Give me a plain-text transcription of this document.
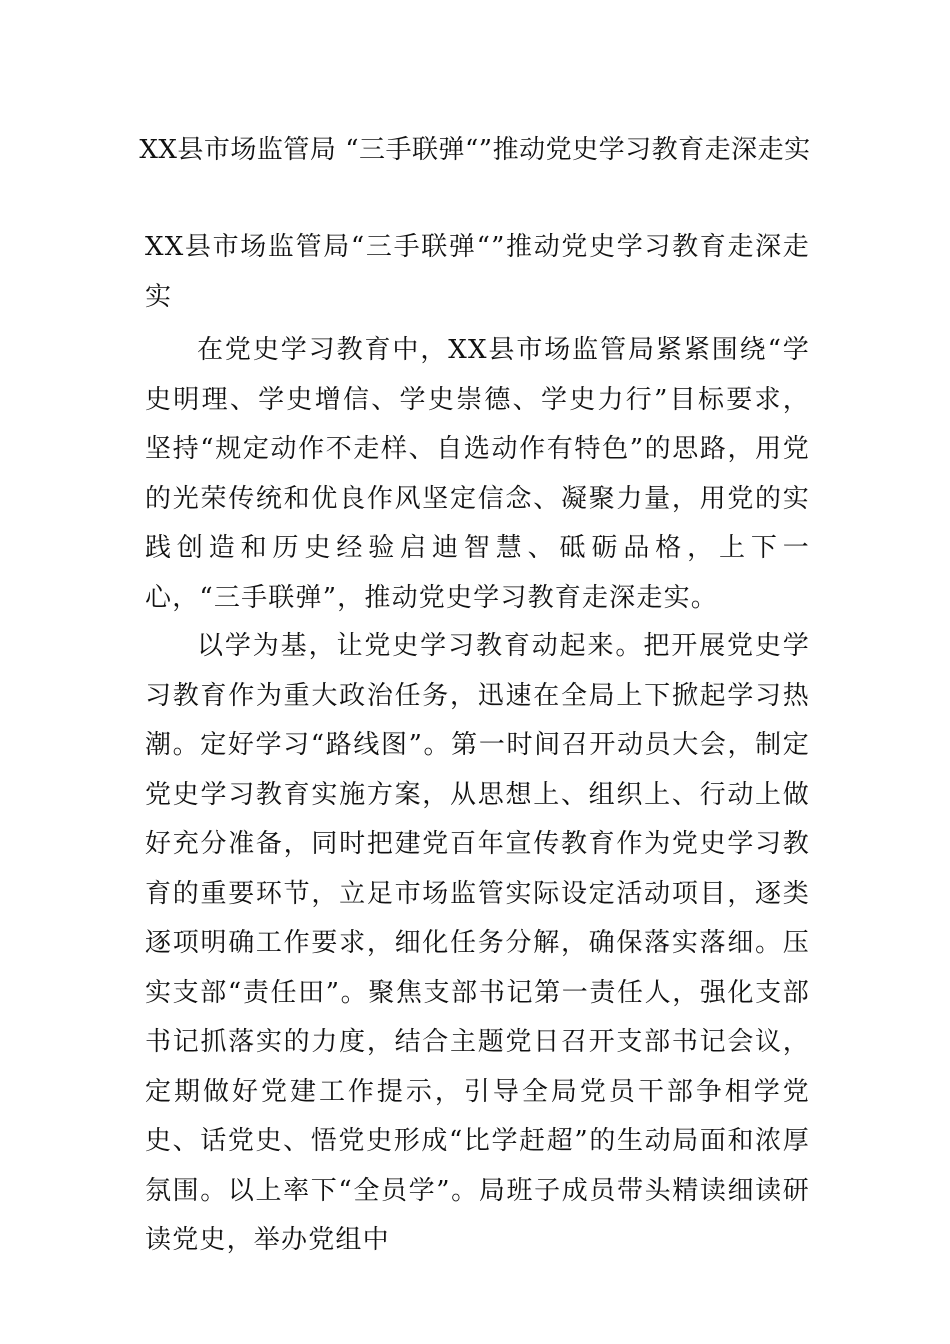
XX县市场监管局 “三手联弹“”推动党史学习教育走深走实

XX县市场监管局“三手联弹“”推动党史学习教育走深走实

在党史学习教育中，XX县市场监管局紧紧围绕“学史明理、学史增信、学史崇德、学史力行”目标要求，坚持“规定动作不走样、自选动作有特色”的思路，用党的光荣传统和优良作风坚定信念、凝聚力量，用党的实践创造和历史经验启迪智慧、砥砺品格，上下一心，“三手联弹”，推动党史学习教育走深走实。

以学为基，让党史学习教育动起来。把开展党史学习教育作为重大政治任务，迅速在全局上下掀起学习热潮。定好学习“路线图”。第一时间召开动员大会，制定党史学习教育实施方案，从思想上、组织上、行动上做好充分准备，同时把建党百年宣传教育作为党史学习教育的重要环节，立足市场监管实际设定活动项目，逐类逐项明确工作要求，细化任务分解，确保落实落细。压实支部“责任田”。聚焦支部书记第一责任人，强化支部书记抓落实的力度，结合主题党日召开支部书记会议，定期做好党建工作提示，引导全局党员干部争相学党史、话党史、悟党史形成“比学赶超”的生动局面和浓厚氛围。以上率下“全员学”。局班子成员带头精读细读研读党史，举办党组中
